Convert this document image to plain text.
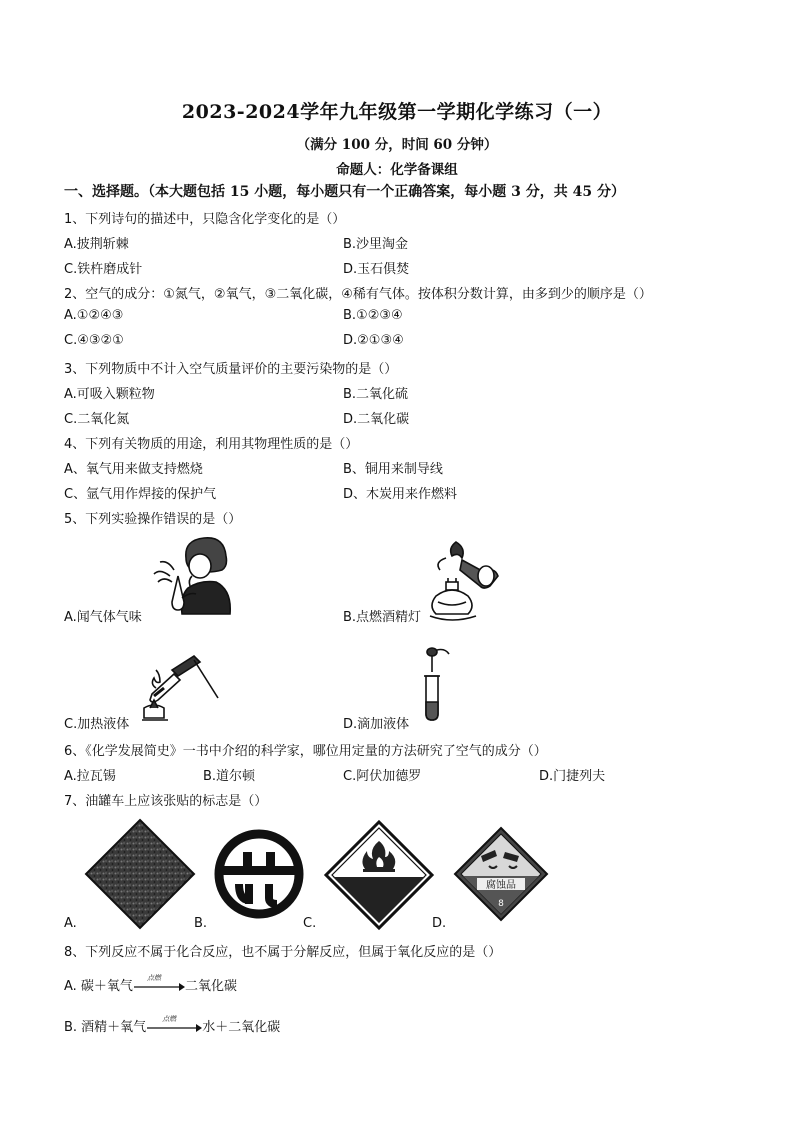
2023-2024学年九年级第一学期化学练习（一）
（满分 100 分，时间 60 分钟）
命题人：化学备课组
一、选择题。（本大题包括 15 小题，每小题只有一个正确答案，每小题 3 分，共 45 分）
1、下列诗句的描述中，只隐含化学变化的是（）
A.披荆斩棘	B.沙里淘金
C.铁杵磨成针	D.玉石俱焚
2、空气的成分：①氮气，②氧气，③二氧化碳，④稀有气体。按体积分数计算，由多到少的顺序是（）
A.①②④③	B.①②③④
C.④③②①	D.②①③④
3、下列物质中不计入空气质量评价的主要污染物的是（）
A.可吸入颗粒物	B.二氧化硫
C.二氧化氮	D.二氧化碳
4、下列有关物质的用途，利用其物理性质的是（）
A、氧气用来做支持燃烧	B、铜用来制导线
C、氩气用作焊接的保护气	D、木炭用来作燃料
5、下列实验操作错误的是（）
A.闻气体气味	B.点燃酒精灯
C.加热液体	D.滴加液体
6、《化学发展简史》一书中介绍的科学家，哪位用定量的方法研究了空气的成分（）
A.拉瓦锡	B.道尔顿	C.阿伏加德罗	D.门捷列夫
7、油罐车上应该张贴的标志是（）
A.	B.	C.
腐蚀品
8
D.
8、下列反应不属于化合反应，也不属于分解反应，但属于氧化反应的是（）
A. 碳＋氧气
点燃
二氧化碳
B. 酒精＋氧气
点燃
水＋二氧化碳
